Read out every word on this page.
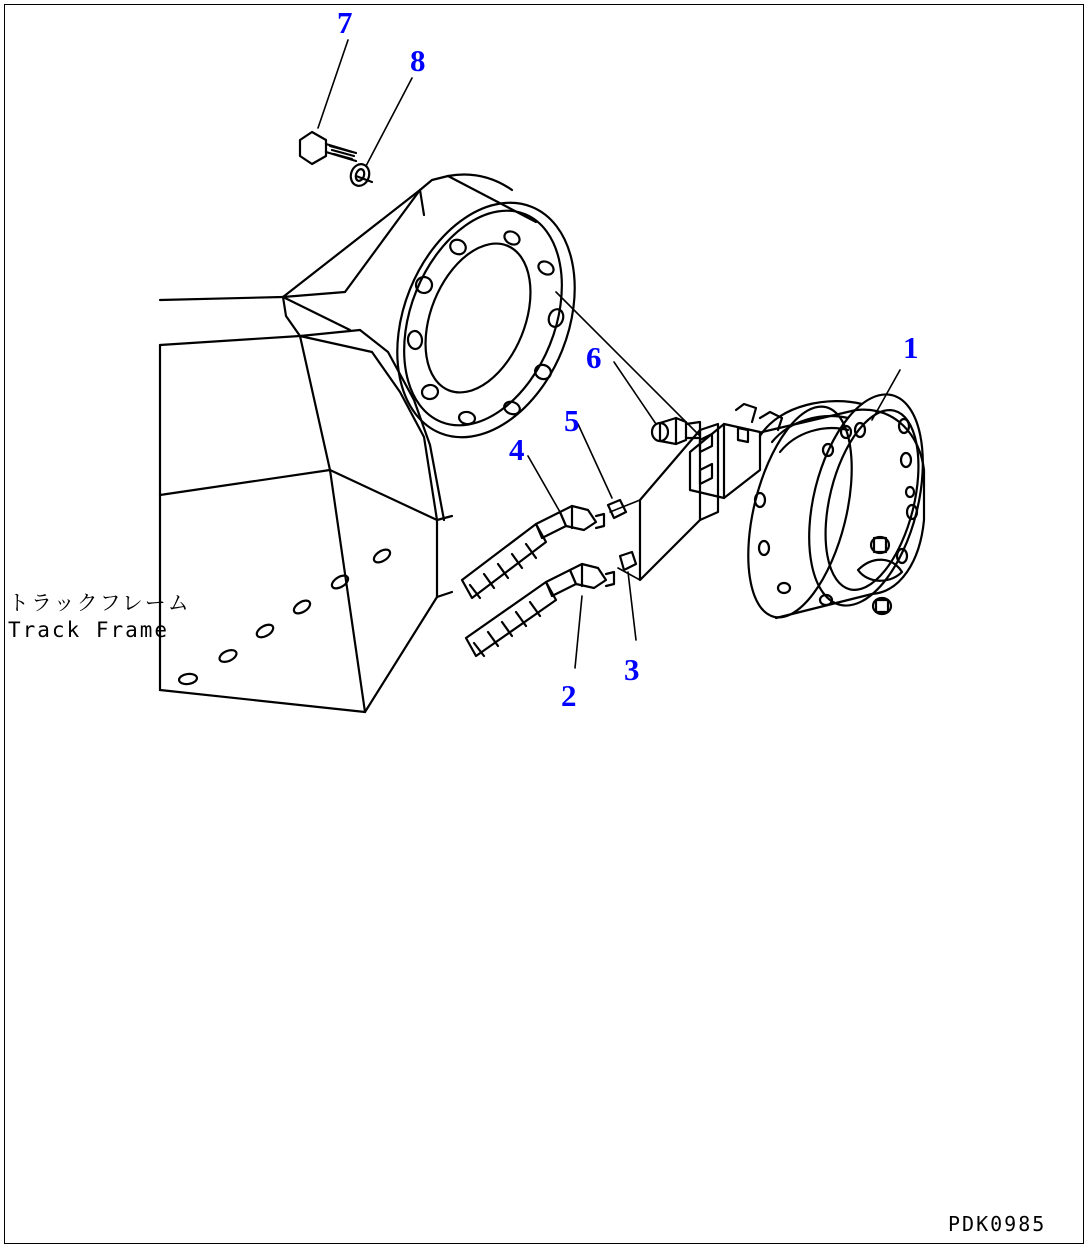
1
2
3
4
5
6
7
8
トラックフレーム
Track Frame
PDK0985
